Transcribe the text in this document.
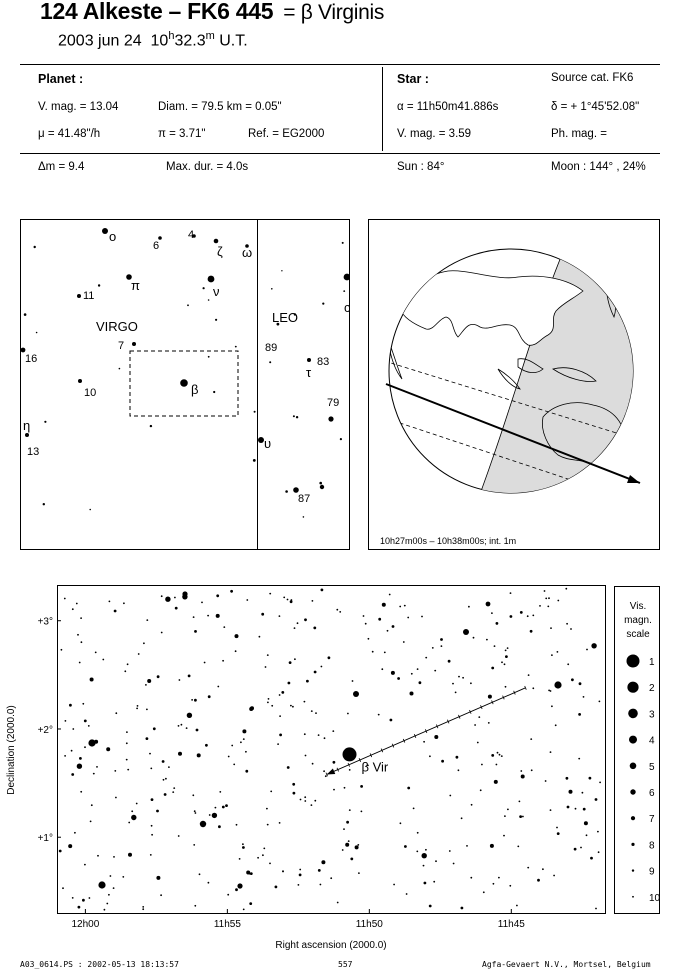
124 Alkeste – FK6 445 = β Virginis
2003 jun 24 10$^h$32.3$^m$ U.T.
Planet :
V. mag. = 13.04	Diam. = 79.5 km = 0.05"
μ = 41.48"/h	π = 3.71"	Ref. = EG2000
Star :	Source cat. FK6
α = 11h50m41.886s	δ = + 1°45'52.08"
V. mag. = 3.59	Ph. mag. =
Δm = 9.4	Max. dur. = 4.0s	Sun : 84°	Moon : 144° , 24%
o
6
4
ζ ω
π	ν
11
c
7
16
89
83
τ
10	β
79
η
13
υ
87
VIRGO
LEO
10h27m00s – 10h38m00s; int. 1m
12h00	11h55	11h50	11h45
+3°
+2°
+1°
β Vir
Declination (2000.0)
Right ascension (2000.0)
Vis.
magn.
scale
1
2
3
4
5
6
7
8
9
10
A03_0614.PS : 2002-05-13 18:13:57	557	Agfa-Gevaert N.V., Mortsel, Belgium
